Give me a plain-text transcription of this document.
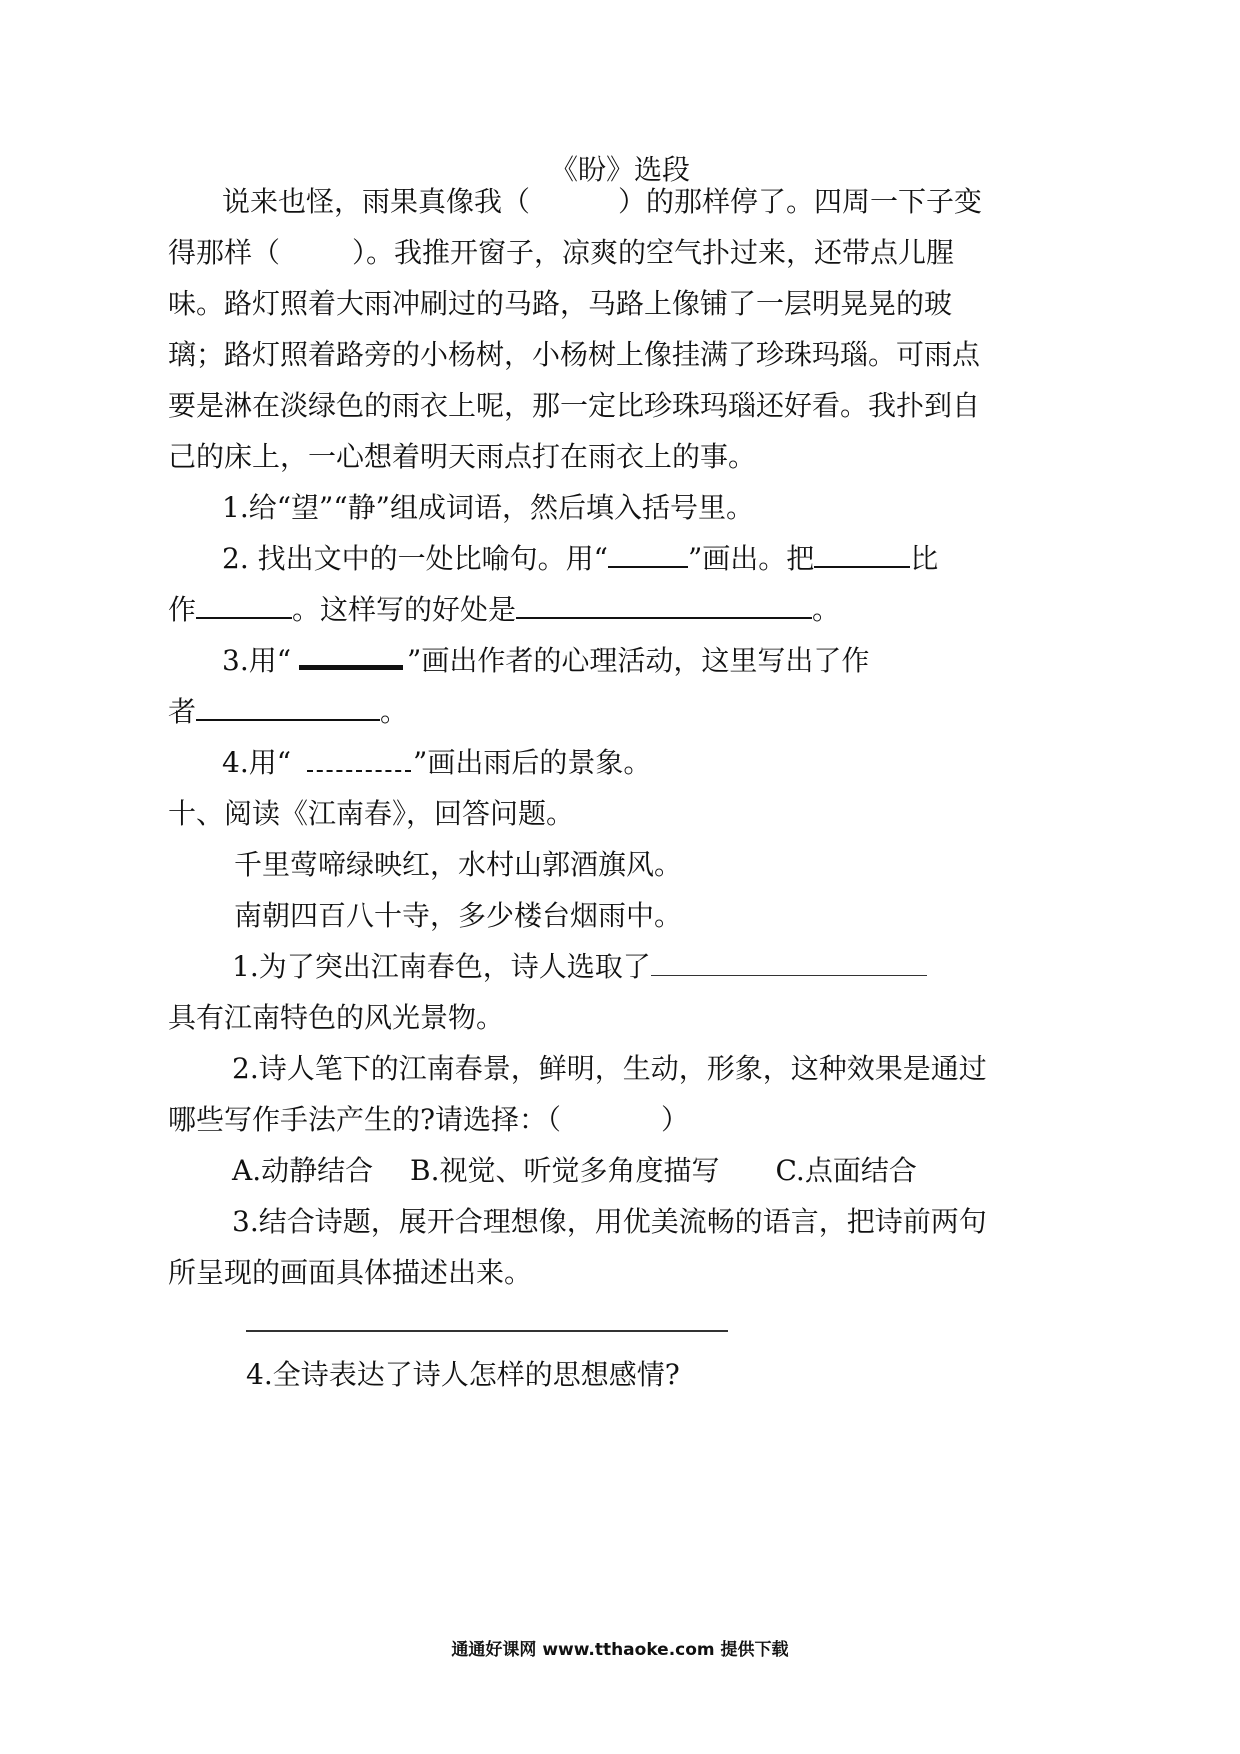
《盼》选段
说来也怪，雨果真像我（	）的那样停了。四周一下子变
得那样（	）。我推开窗子，凉爽的空气扑过来，还带点儿腥
味。路灯照着大雨冲刷过的马路，马路上像铺了一层明晃晃的玻
璃；路灯照着路旁的小杨树，小杨树上像挂满了珍珠玛瑙。可雨点
要是淋在淡绿色的雨衣上呢，那一定比珍珠玛瑙还好看。我扑到自
己的床上，一心想着明天雨点打在雨衣上的事。
1.给“望”“静”组成词语，然后填入括号里。
2. 找出文中的一处比喻句。用“	”画出。把	比
作	。这样写的好处是	。
3.用“	”画出作者的心理活动，这里写出了作
者	。
4.用“	”画出雨后的景象。
十、阅读《江南春》，回答问题。
千里莺啼绿映红，水村山郭酒旗风。
南朝四百八十寺，多少楼台烟雨中。
1.为了突出江南春色，诗人选取了
具有江南特色的风光景物。
2.诗人笔下的江南春景，鲜明，生动，形象，这种效果是通过
哪些写作手法产生的?请选择：（	）
A.动静结合　 B.视觉、听觉多角度描写　　C.点面结合
3.结合诗题，展开合理想像，用优美流畅的语言，把诗前两句
所呈现的画面具体描述出来。
4.全诗表达了诗人怎样的思想感情?
通通好课网 www.tthaoke.com 提供下载
